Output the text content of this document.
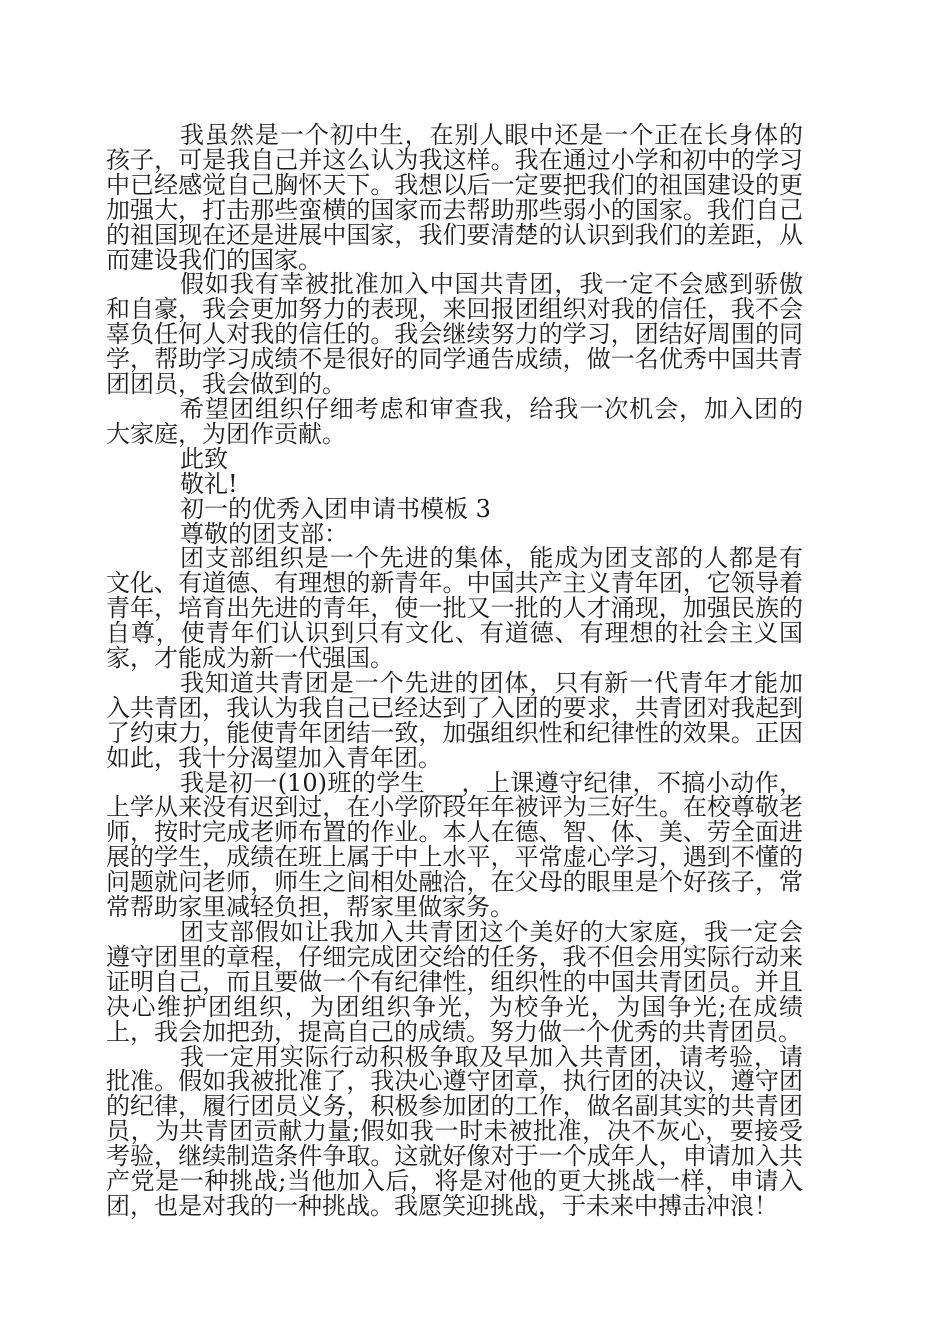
我虽然是一个初中生，在别人眼中还是一个正在长身体的孩子，可是我自己并这么认为我这样。我在通过小学和初中的学习中已经感觉自己胸怀天下。我想以后一定要把我们的祖国建设的更加强大，打击那些蛮横的国家而去帮助那些弱小的国家。我们自己的祖国现在还是进展中国家，我们要清楚的认识到我们的差距，从而建设我们的国家。

假如我有幸被批准加入中国共青团，我一定不会感到骄傲和自豪，我会更加努力的表现，来回报团组织对我的信任，我不会辜负任何人对我的信任的。我会继续努力的学习，团结好周围的同学，帮助学习成绩不是很好的同学通告成绩，做一名优秀中国共青团团员，我会做到的。

希望团组织仔细考虑和审查我，给我一次机会，加入团的大家庭，为团作贡献。

此致

敬礼!

初一的优秀入团申请书模板 3

尊敬的团支部：

团支部组织是一个先进的集体，能成为团支部的人都是有文化、有道德、有理想的新青年。中国共产主义青年团，它领导着青年，培育出先进的青年，使一批又一批的人才涌现，加强民族的自尊，使青年们认识到只有文化、有道德、有理想的社会主义国家，才能成为新一代强国。

我知道共青团是一个先进的团体，只有新一代青年才能加入共青团，我认为我自己已经达到了入团的要求，共青团对我起到了约束力，能使青年团结一致，加强组织性和纪律性的效果。正因如此，我十分渴望加入青年团。

我是初一(10)班的学生___，上课遵守纪律，不搞小动作，上学从来没有迟到过，在小学阶段年年被评为三好生。在校尊敬老师，按时完成老师布置的作业。本人在德、智、体、美、劳全面进展的学生，成绩在班上属于中上水平，平常虚心学习，遇到不懂的问题就问老师，师生之间相处融洽，在父母的眼里是个好孩子，常常帮助家里减轻负担，帮家里做家务。

团支部假如让我加入共青团这个美好的大家庭，我一定会遵守团里的章程，仔细完成团交给的任务，我不但会用实际行动来证明自己，而且要做一个有纪律性，组织性的中国共青团员。并且决心维护团组织，为团组织争光，为校争光，为国争光;在成绩上，我会加把劲，提高自己的成绩。努力做一个优秀的共青团员。

我一定用实际行动积极争取及早加入共青团，请考验，请批准。假如我被批准了，我决心遵守团章，执行团的决议，遵守团的纪律，履行团员义务，积极参加团的工作，做名副其实的共青团员，为共青团贡献力量;假如我一时未被批准，决不灰心，要接受考验，继续制造条件争取。这就好像对于一个成年人，申请加入共产党是一种挑战;当他加入后，将是对他的更大挑战一样，申请入团，也是对我的一种挑战。我愿笑迎挑战，于未来中搏击冲浪！
